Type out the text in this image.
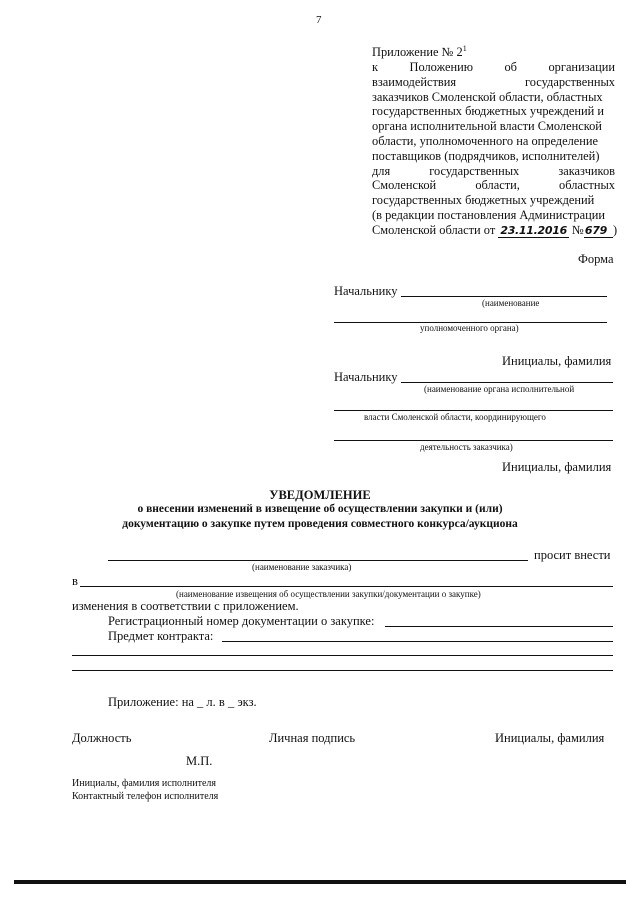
7
Приложение № $2^1$
к Положению об организации
взаимодействия государственных
заказчиков Смоленской области, областных
государственных бюджетных учреждений и
органа исполнительной власти Смоленской
области, уполномоченного на определение
поставщиков (подрядчиков, исполнителей)
для государственных заказчиков
Смоленской области, областных
государственных бюджетных учреждений
(в редакции постановления Администрации
Смоленской области от 23.11.2016 №679 )
Форма
Начальнику
(наименование
уполномоченного органа)
Инициалы, фамилия
Начальнику
(наименование органа исполнительной
власти Смоленской области, координирующего
деятельность заказчика)
Инициалы, фамилия
УВЕДОМЛЕНИЕ
о внесении изменений в извещение об осуществлении закупки и (или)
документацию о закупке путем проведения совместного конкурса/аукциона
просит внести
(наименование заказчика)
в
(наименование извещения об осуществлении закупки/документации о закупке)
изменения в соответствии с приложением.
Регистрационный номер документации о закупке:
Предмет контракта:
Приложение: на _ л. в _ экз.
Должность	Личная подпись	Инициалы, фамилия
М.П.
Инициалы, фамилия исполнителя
Контактный телефон исполнителя
